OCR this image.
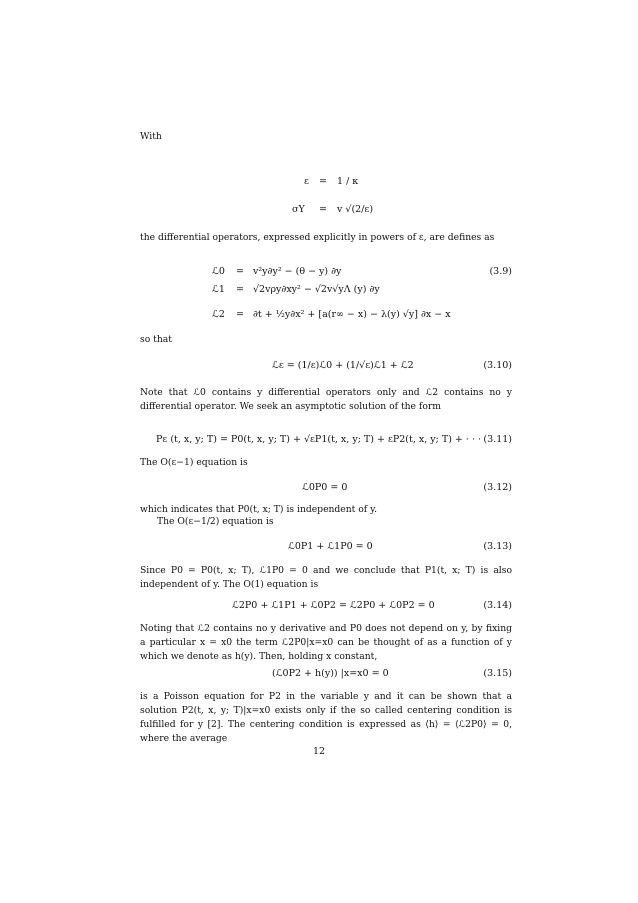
With
ε = 1 / κ
σY = v √(2/ε)
the differential operators, expressed explicitly in powers of ε, are defines as
ℒ0 = v²y∂y² − (θ − y) ∂y	(3.9)
ℒ1 = √2vρy∂xy² − √2v√yΛ (y) ∂y
ℒ2 = ∂t + ½y∂x² + [a(r∞ − x) − λ(y) √y] ∂x − x
so that
ℒε = (1/ε)ℒ0 + (1/√ε)ℒ1 + ℒ2	(3.10)
Note that ℒ0 contains y differential operators only and ℒ2 contains no y differential operator. We seek an asymptotic solution of the form
Pε (t, x, y; T) = P0(t, x, y; T) + √εP1(t, x, y; T) + εP2(t, x, y; T) + · · · (3.11)
The O(ε−1) equation is
ℒ0P0 = 0	(3.12)
which indicates that P0(t, x; T) is independent of y.
The O(ε−1/2) equation is
ℒ0P1 + ℒ1P0 = 0	(3.13)
Since P0 = P0(t, x; T), ℒ1P0 = 0 and we conclude that P1(t, x; T) is also independent of y. The O(1) equation is
ℒ2P0 + ℒ1P1 + ℒ0P2 = ℒ2P0 + ℒ0P2 = 0	(3.14)
Noting that ℒ2 contains no y derivative and P0 does not depend on y, by fixing a particular x = x0 the term ℒ2P0|x=x0 can be thought of as a function of y which we denote as h(y). Then, holding x constant,
(ℒ0P2 + h(y)) |x=x0 = 0	(3.15)
is a Poisson equation for P2 in the variable y and it can be shown that a solution P2(t, x, y; T)|x=x0 exists only if the so called centering condition is fulfilled for y [2]. The centering condition is expressed as ⟨h⟩ = ⟨ℒ2P0⟩ = 0, where the average
12
